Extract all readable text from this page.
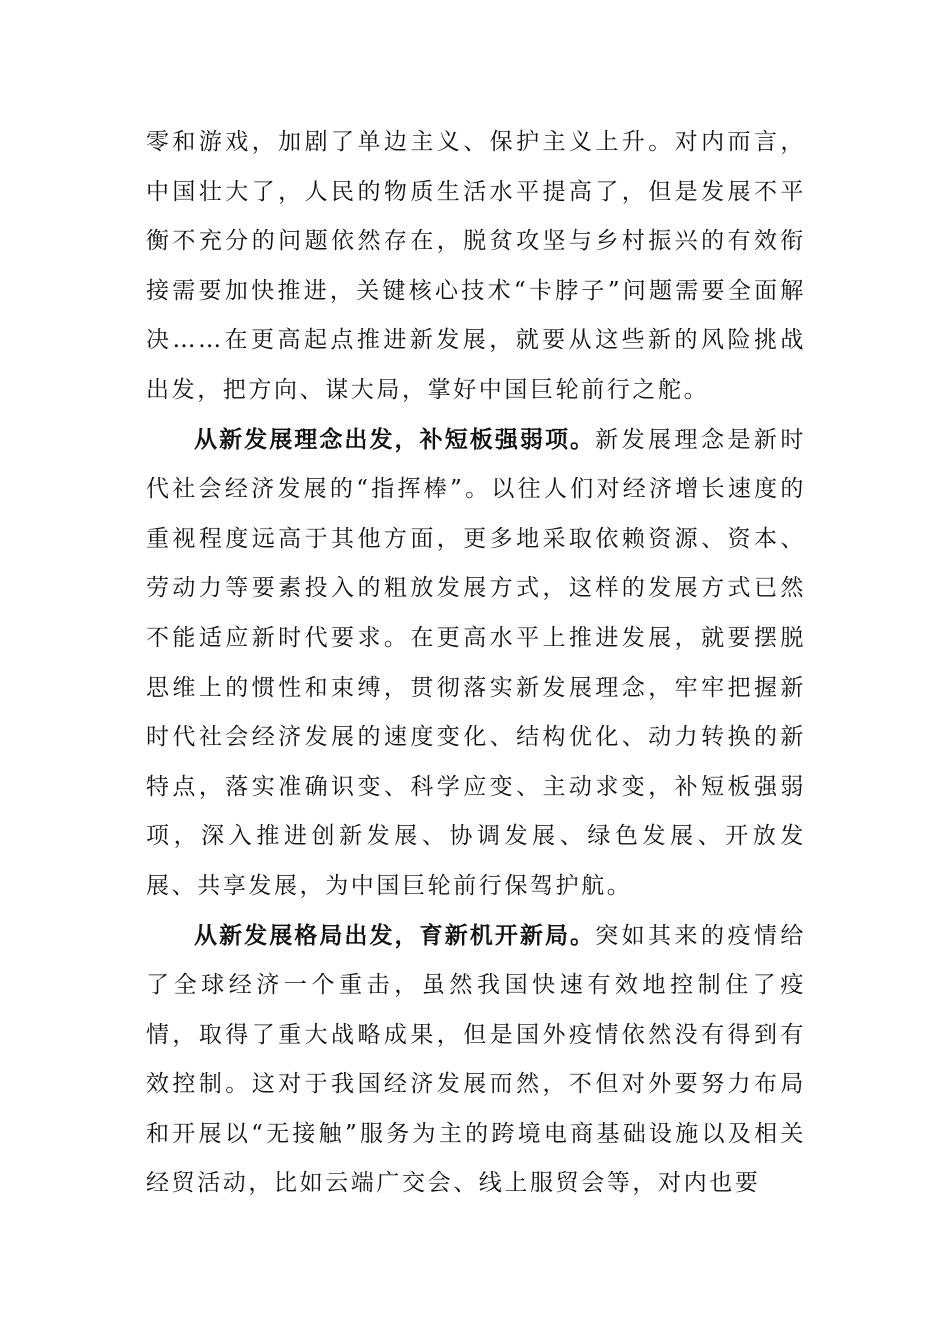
零和游戏，加剧了单边主义、保护主义上升。对内而言，中国壮大了，人民的物质生活水平提高了，但是发展不平衡不充分的问题依然存在，脱贫攻坚与乡村振兴的有效衔接需要加快推进，关键核心技术“卡脖子”问题需要全面解决……在更高起点推进新发展，就要从这些新的风险挑战出发，把方向、谋大局，掌好中国巨轮前行之舵。

从新发展理念出发，补短板强弱项。新发展理念是新时代社会经济发展的“指挥棒”。以往人们对经济增长速度的重视程度远高于其他方面，更多地采取依赖资源、资本、劳动力等要素投入的粗放发展方式，这样的发展方式已然不能适应新时代要求。在更高水平上推进发展，就要摆脱思维上的惯性和束缚，贯彻落实新发展理念，牢牢把握新时代社会经济发展的速度变化、结构优化、动力转换的新特点，落实准确识变、科学应变、主动求变，补短板强弱项，深入推进创新发展、协调发展、绿色发展、开放发展、共享发展，为中国巨轮前行保驾护航。

从新发展格局出发，育新机开新局。突如其来的疫情给了全球经济一个重击，虽然我国快速有效地控制住了疫情，取得了重大战略成果，但是国外疫情依然没有得到有效控制。这对于我国经济发展而然，不但对外要努力布局和开展以“无接触”服务为主的跨境电商基础设施以及相关经贸活动，比如云端广交会、线上服贸会等，对内也要
